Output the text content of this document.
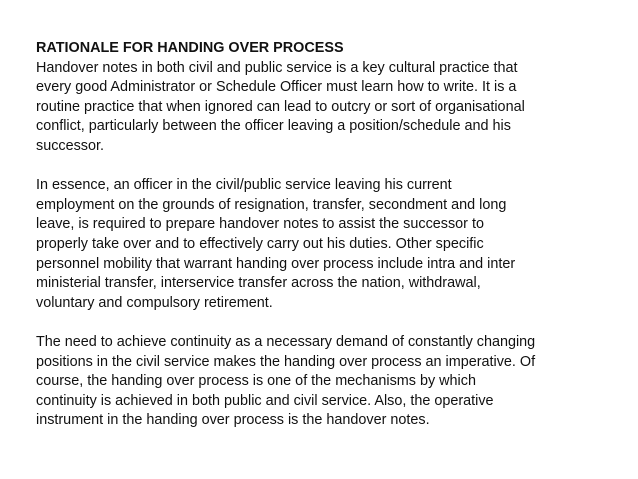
RATIONALE FOR HANDING OVER PROCESS

Handover notes in both civil and public service is a key cultural practice that
every good Administrator or Schedule Officer must learn how to write. It is a
routine practice that when ignored can lead to outcry or sort of organisational
conflict, particularly between the officer leaving a position/schedule and his
successor.

In essence, an officer in the civil/public service leaving his current
employment on the grounds of resignation, transfer, secondment and long
leave, is required to prepare handover notes to assist the successor to
properly take over and to effectively carry out his duties. Other specific
personnel mobility that warrant handing over process include intra and inter
ministerial transfer, interservice transfer across the nation, withdrawal,
voluntary and compulsory retirement.

The need to achieve continuity as a necessary demand of constantly changing
positions in the civil service makes the handing over process an imperative. Of
course, the handing over process is one of the mechanisms by which
continuity is achieved in both public and civil service. Also, the operative
instrument in the handing over process is the handover notes.
